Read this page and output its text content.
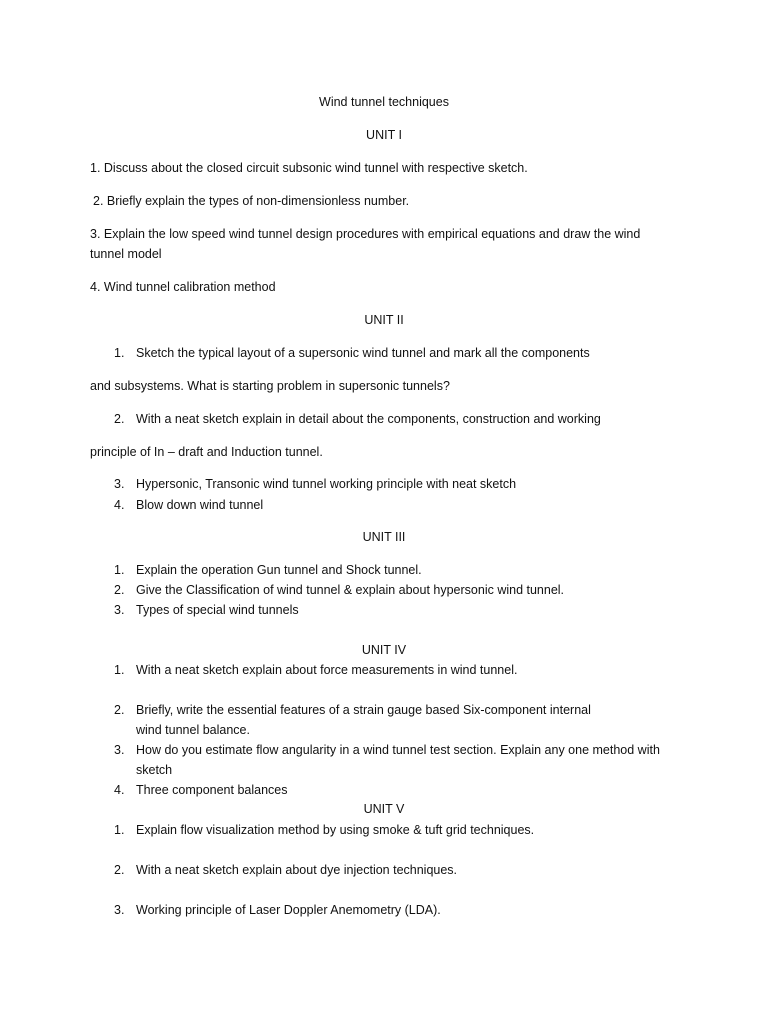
Wind tunnel techniques
UNIT I
1. Discuss about the closed circuit subsonic wind tunnel with respective sketch.
2. Briefly explain the types of non-dimensionless number.
3. Explain the low speed wind tunnel design procedures with empirical equations and draw the wind
tunnel model
4. Wind tunnel calibration method
UNIT II
1. Sketch the typical layout of a supersonic wind tunnel and mark all the components
and subsystems. What is starting problem in supersonic tunnels?
2. With a neat sketch explain in detail about the components, construction and working
principle of In – draft and Induction tunnel.
3. Hypersonic, Transonic wind tunnel working principle with neat sketch
4. Blow down wind tunnel
UNIT III
1. Explain the operation Gun tunnel and Shock tunnel.
2. Give the Classification of wind tunnel & explain about hypersonic wind tunnel.
3. Types of special wind tunnels
UNIT IV
1. With a neat sketch explain about force measurements in wind tunnel.
2. Briefly, write the essential features of a strain gauge based Six-component internal
wind tunnel balance.
3. How do you estimate flow angularity in a wind tunnel test section. Explain any one method with
sketch
4. Three component balances
UNIT V
1. Explain flow visualization method by using smoke & tuft grid techniques.
2. With a neat sketch explain about dye injection techniques.
3. Working principle of Laser Doppler Anemometry (LDA).
